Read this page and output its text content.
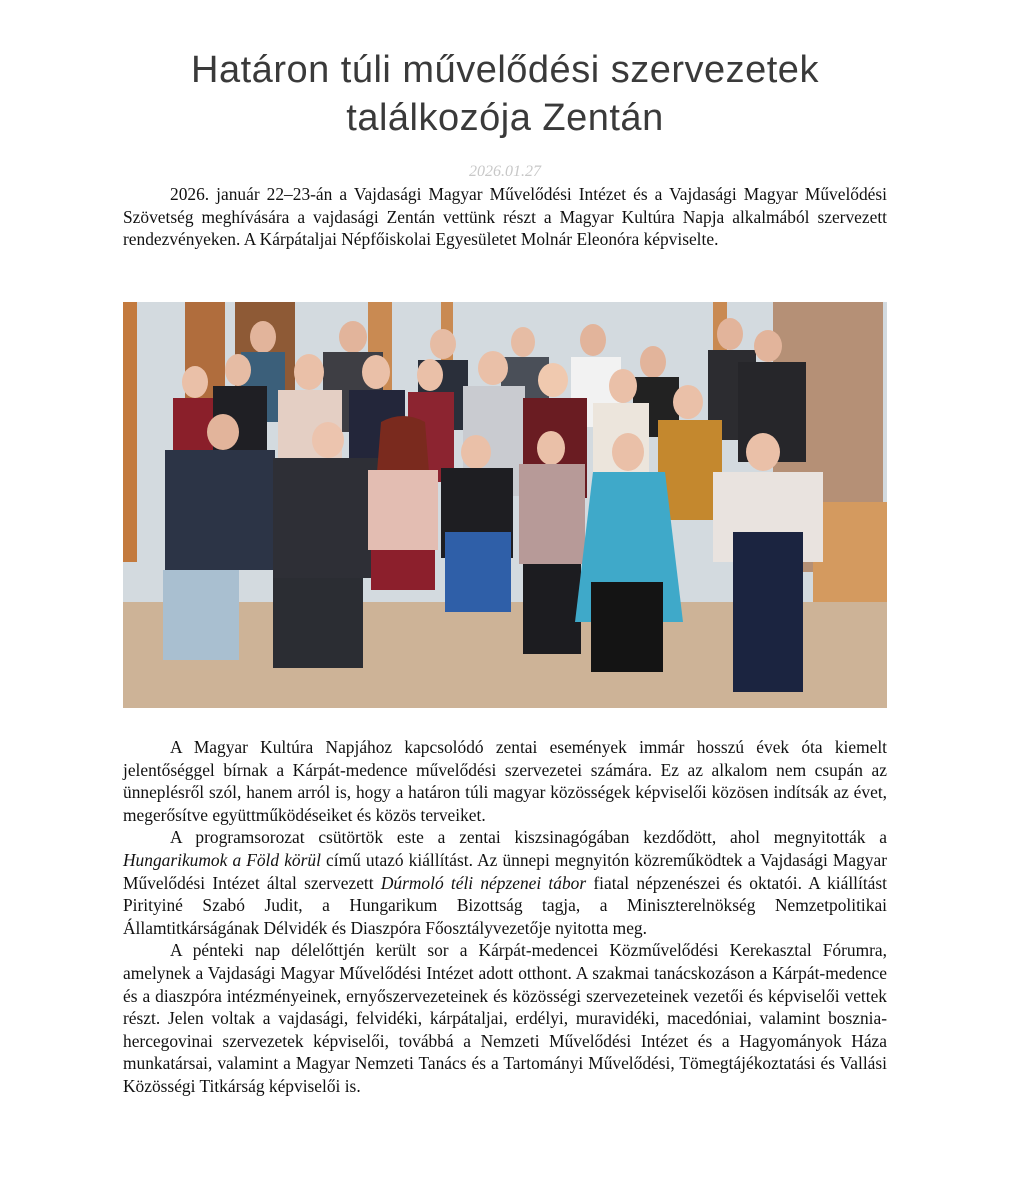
Határon túli művelődési szervezetek
találkozója Zentán
2026.01.27

2026. január 22–23-án a Vajdasági Magyar Művelődési Intézet és a Vajdasági Magyar Művelődési Szövetség meghívására a vajdasági Zentán vettünk részt a Magyar Kultúra Napja alkalmából szervezett rendezvényeken. A Kárpátaljai Népfőiskolai Egyesületet Molnár Eleonóra képviselte.

A Magyar Kultúra Napjához kapcsolódó zentai események immár hosszú évek óta kiemelt jelentőséggel bírnak a Kárpát-medence művelődési szervezetei számára. Ez az alkalom nem csupán az ünneplésről szól, hanem arról is, hogy a határon túli magyar közösségek képviselői közösen indítsák az évet, megerősítve együttműködéseiket és közös terveiket.

A programsorozat csütörtök este a zentai kiszsinagógában kezdődött, ahol megnyitották a Hungarikumok a Föld körül című utazó kiállítást. Az ünnepi megnyitón közreműködtek a Vajdasági Magyar Művelődési Intézet által szervezett Dúrmoló téli népzenei tábor fiatal népzenészei és oktatói. A kiállítást Pirityiné Szabó Judit, a Hungarikum Bizottság tagja, a Miniszterelnökség Nemzetpolitikai Államtitkárságának Délvidék és Diaszpóra Főosztályvezetője nyitotta meg.

A pénteki nap délelőttjén került sor a Kárpát-medencei Közművelődési Kerekasztal Fórumra, amelynek a Vajdasági Magyar Művelődési Intézet adott otthont. A szakmai tanácskozáson a Kárpát-medence és a diaszpóra intézményeinek, ernyőszervezeteinek és közösségi szervezeteinek vezetői és képviselői vettek részt. Jelen voltak a vajdasági, felvidéki, kárpátaljai, erdélyi, muravidéki, macedóniai, valamint bosznia-hercegovinai szervezetek képviselői, továbbá a Nemzeti Művelődési Intézet és a Hagyományok Háza munkatársai, valamint a Magyar Nemzeti Tanács és a Tartományi Művelődési, Tömegtájékoztatási és Vallási Közösségi Titkárság képviselői is.
